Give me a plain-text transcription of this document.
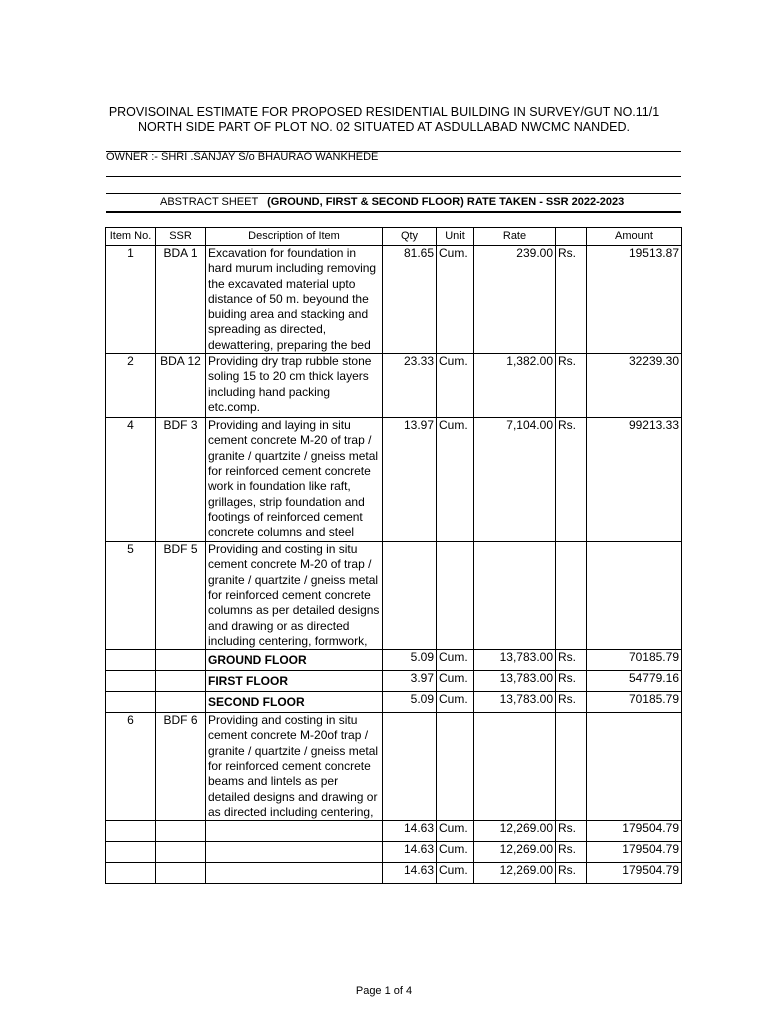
PROVISOINAL ESTIMATE FOR PROPOSED RESIDENTIAL BUILDING IN SURVEY/GUT NO.11/1
NORTH SIDE PART OF PLOT NO. 02 SITUATED AT ASDULLABAD NWCMC NANDED.
OWNER :- SHRI .SANJAY S/o BHAURAO WANKHEDE
ABSTRACT SHEET (GROUND, FIRST & SECOND FLOOR) RATE TAKEN - SSR 2022-2023
Item No.	SSR	Description of Item	Qty	Unit	Rate		Amount
1	BDA 1	Excavation for foundation in hard murum including removing the excavated material upto distance of 50 m. beyound the buiding area and stacking and spreading as directed, dewattering, preparing the bed	81.65	Cum.	239.00	Rs.	19513.87
2	BDA 12	Providing dry trap rubble stone soling 15 to 20 cm thick layers including hand packing etc.comp.	23.33	Cum.	1,382.00	Rs.	32239.30
4	BDF 3	Providing and laying in situ cement concrete M-20 of trap / granite / quartzite / gneiss metal for reinforced cement concrete work in foundation like raft, grillages, strip foundation and footings of reinforced cement concrete columns and steel	13.97	Cum.	7,104.00	Rs.	99213.33
5	BDF 5	Providing and costing in situ cement concrete M-20 of trap / granite / quartzite / gneiss metal for reinforced cement concrete columns as per detailed designs and drawing or as directed including centering, formwork,					
		GROUND FLOOR	5.09	Cum.	13,783.00	Rs.	70185.79
		FIRST FLOOR	3.97	Cum.	13,783.00	Rs.	54779.16
		SECOND FLOOR	5.09	Cum.	13,783.00	Rs.	70185.79
6	BDF 6	Providing and costing in situ cement concrete M-20of trap / granite / quartzite / gneiss metal for reinforced cement concrete beams and lintels as per detailed designs and drawing or as directed including centering,					
			14.63	Cum.	12,269.00	Rs.	179504.79
			14.63	Cum.	12,269.00	Rs.	179504.79
			14.63	Cum.	12,269.00	Rs.	179504.79
Page 1 of 4
